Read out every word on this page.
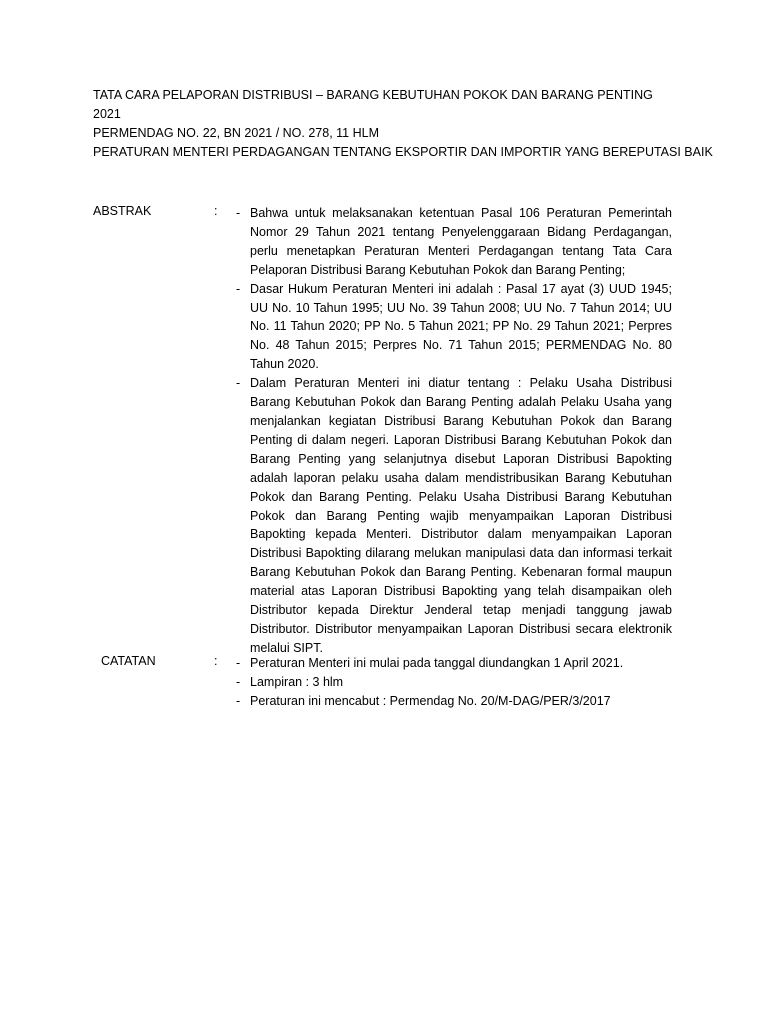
TATA CARA PELAPORAN DISTRIBUSI – BARANG KEBUTUHAN POKOK DAN BARANG PENTING
2021
PERMENDAG NO. 22, BN 2021 / NO. 278, 11 HLM
PERATURAN MENTERI PERDAGANGAN TENTANG EKSPORTIR DAN IMPORTIR YANG BEREPUTASI BAIK
ABSTRAK	: - Bahwa untuk melaksanakan ketentuan Pasal 106 Peraturan Pemerintah Nomor 29 Tahun 2021 tentang Penyelenggaraan Bidang Perdagangan, perlu menetapkan Peraturan Menteri Perdagangan tentang Tata Cara Pelaporan Distribusi Barang Kebutuhan Pokok dan Barang Penting;
- Dasar Hukum Peraturan Menteri ini adalah : Pasal 17 ayat (3) UUD 1945; UU No. 10 Tahun 1995; UU No. 39 Tahun 2008; UU No. 7 Tahun 2014; UU No. 11 Tahun 2020; PP No. 5 Tahun 2021; PP No. 29 Tahun 2021; Perpres No. 48 Tahun 2015; Perpres No. 71 Tahun 2015; PERMENDAG No. 80 Tahun 2020.
- Dalam Peraturan Menteri ini diatur tentang : Pelaku Usaha Distribusi Barang Kebutuhan Pokok dan Barang Penting adalah Pelaku Usaha yang menjalankan kegiatan Distribusi Barang Kebutuhan Pokok dan Barang Penting di dalam negeri. Laporan Distribusi Barang Kebutuhan Pokok dan Barang Penting yang selanjutnya disebut Laporan Distribusi Bapokting adalah laporan pelaku usaha dalam mendistribusikan Barang Kebutuhan Pokok dan Barang Penting. Pelaku Usaha Distribusi Barang Kebutuhan Pokok dan Barang Penting wajib menyampaikan Laporan Distribusi Bapokting kepada Menteri. Distributor dalam menyampaikan Laporan Distribusi Bapokting dilarang melukan manipulasi data dan informasi terkait Barang Kebutuhan Pokok dan Barang Penting. Kebenaran formal maupun material atas Laporan Distribusi Bapokting yang telah disampaikan oleh Distributor kepada Direktur Jenderal tetap menjadi tanggung jawab Distributor. Distributor menyampaikan Laporan Distribusi secara elektronik melalui SIPT.
CATATAN	: - Peraturan Menteri ini mulai pada tanggal diundangkan 1 April 2021.
- Lampiran : 3 hlm
- Peraturan ini mencabut : Permendag No. 20/M-DAG/PER/3/2017
